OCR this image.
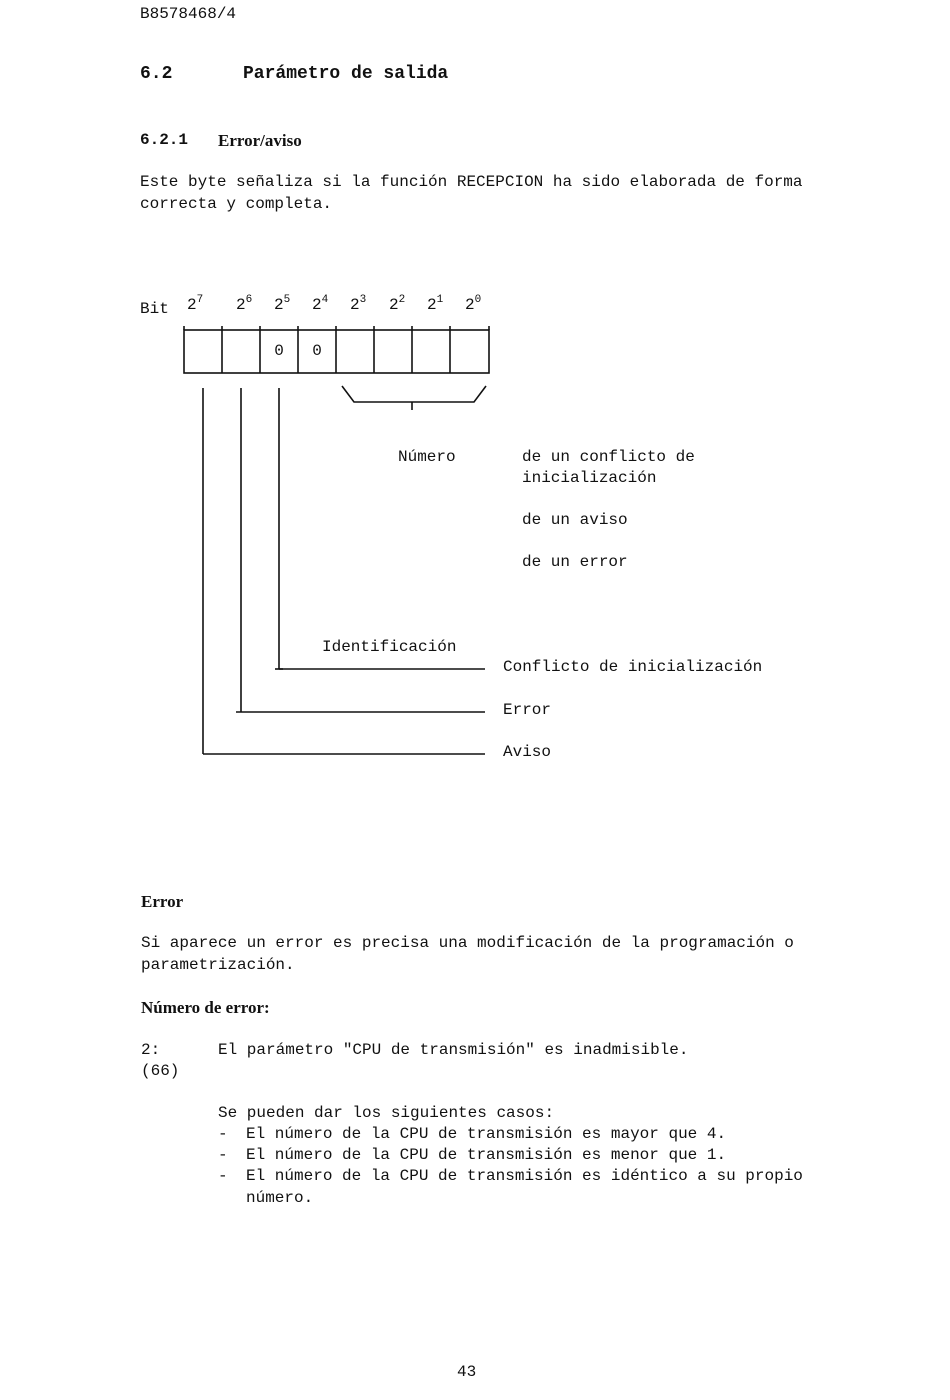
B8578468/4
6.2	Parámetro de salida
6.2.1 Error/aviso
Este byte señaliza si la función RECEPCION ha sido elaborada de forma
correcta y completa.
Bit $2^7$ $2^6$ $2^5$ $2^4$ $2^3$ $2^2$ $2^1$ $2^0$
0	0
Número	de un conflicto de
inicialización
de un aviso
de un error
Identificación
Conflicto de inicialización
Error
Aviso
Error
Si aparece un error es precisa una modificación de la programación o
parametrización.
Número de error:
2:
(66)
El parámetro "CPU de transmisión" es inadmisible.
Se pueden dar los siguientes casos:
- El número de la CPU de transmisión es mayor que 4.
- El número de la CPU de transmisión es menor que 1.
- El número de la CPU de transmisión es idéntico a su propio
número.
43
